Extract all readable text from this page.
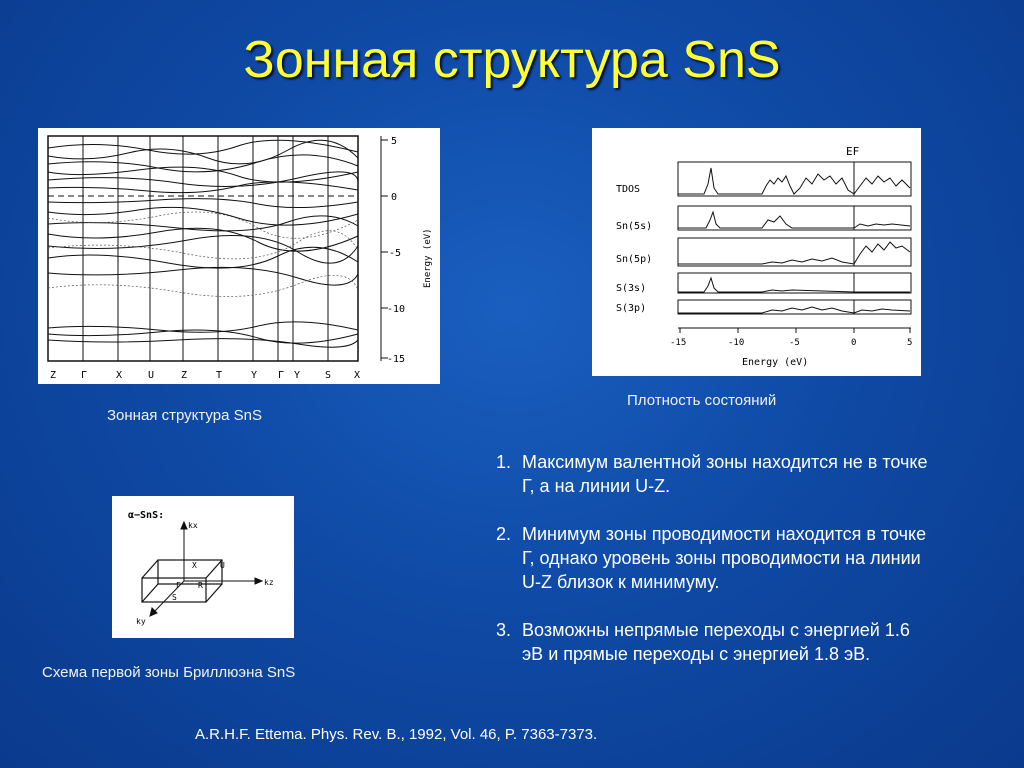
Зонная структура SnS
5
0
-5
-10
-15
Energy (eV)
Z Γ	X	U	Z	T	Y Γ Y S X
Зонная структура SnS
EF
TDOS
Sn(5s)
Sn(5p)
S(3s)
S(3p)
-15	-10	-5	0	5
Energy (eV)
Плотность состояний
α−SnS:
kx
kz
ky
X	U
Γ R
S
Схема первой зоны Бриллюэна SnS
1. Максимум валентной зоны находится не в точке Г, а на линии U-Z.
2. Минимум зоны проводимости находится в точке Г, однако уровень зоны проводимости на линии U-Z близок к минимуму.
3. Возможны непрямые переходы с энергией 1.6 эВ и прямые переходы с энергией 1.8 эВ.
A.R.H.F. Ettema. Phys. Rev. B., 1992, Vol. 46, P. 7363-7373.
